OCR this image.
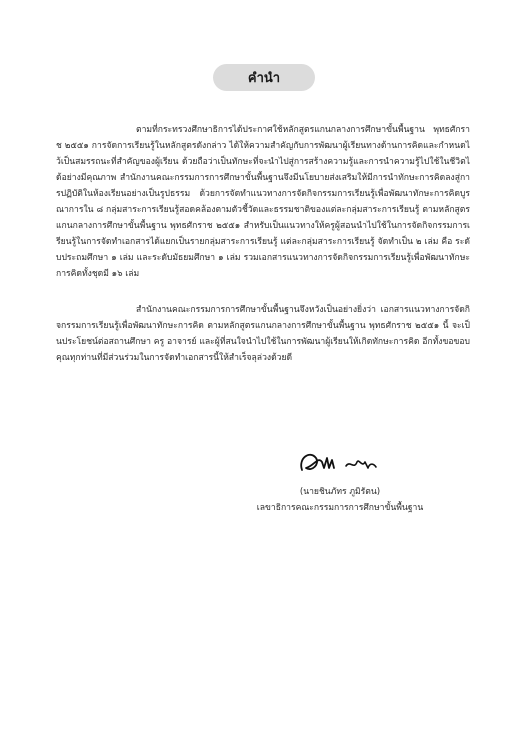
คำนำ

ตามที่กระทรวงศึกษาธิการได้ประกาศใช้หลักสูตรแกนกลางการศึกษาขั้นพื้นฐาน พุทธศักราช ๒๕๕๑ การจัดการเรียนรู้ในหลักสูตรดังกล่าว ได้ให้ความสำคัญกับการพัฒนาผู้เรียนทางด้านการคิดและกำหนดไว้เป็นสมรรถนะที่สำคัญของผู้เรียน ด้วยถือว่าเป็นทักษะที่จะนำไปสู่การสร้างความรู้และการนำความรู้ไปใช้ในชีวิตได้อย่างมีคุณภาพ สำนักงานคณะกรรมการการศึกษาขั้นพื้นฐานจึงมีนโยบายส่งเสริมให้มีการนำทักษะการคิดลงสู่การปฏิบัติในห้องเรียนอย่างเป็นรูปธรรม ด้วยการจัดทำแนวทางการจัดกิจกรรมการเรียนรู้เพื่อพัฒนาทักษะการคิดบูรณาการใน ๘ กลุ่มสาระการเรียนรู้สอดคล้องตามตัวชี้วัดและธรรมชาติของแต่ละกลุ่มสาระการเรียนรู้ ตามหลักสูตรแกนกลางการศึกษาขั้นพื้นฐาน พุทธศักราช ๒๕๕๑ สำหรับเป็นแนวทางให้ครูผู้สอนนำไปใช้ในการจัดกิจกรรมการเรียนรู้ในการจัดทำเอกสารได้แยกเป็นรายกลุ่มสาระการเรียนรู้ แต่ละกลุ่มสาระการเรียนรู้ จัดทำเป็น ๒ เล่ม คือ ระดับประถมศึกษา ๑ เล่ม และระดับมัธยมศึกษา ๑ เล่ม รวมเอกสารแนวทางการจัดกิจกรรมการเรียนรู้เพื่อพัฒนาทักษะการคิดทั้งชุดมี ๑๖ เล่ม

สำนักงานคณะกรรมการการศึกษาขั้นพื้นฐานจึงหวังเป็นอย่างยิ่งว่า เอกสารแนวทางการจัดกิจกรรมการเรียนรู้เพื่อพัฒนาทักษะการคิด ตามหลักสูตรแกนกลางการศึกษาขั้นพื้นฐาน พุทธศักราช ๒๕๕๑ นี้ จะเป็นประโยชน์ต่อสถานศึกษา ครู อาจารย์ และผู้ที่สนใจนำไปใช้ในการพัฒนาผู้เรียนให้เกิดทักษะการคิด อีกทั้งขอขอบคุณทุกท่านที่มีส่วนร่วมในการจัดทำเอกสารนี้ให้สำเร็จลุล่วงด้วยดี

(นายชินภัทร ภูมิรัตน)
เลขาธิการคณะกรรมการการศึกษาขั้นพื้นฐาน
